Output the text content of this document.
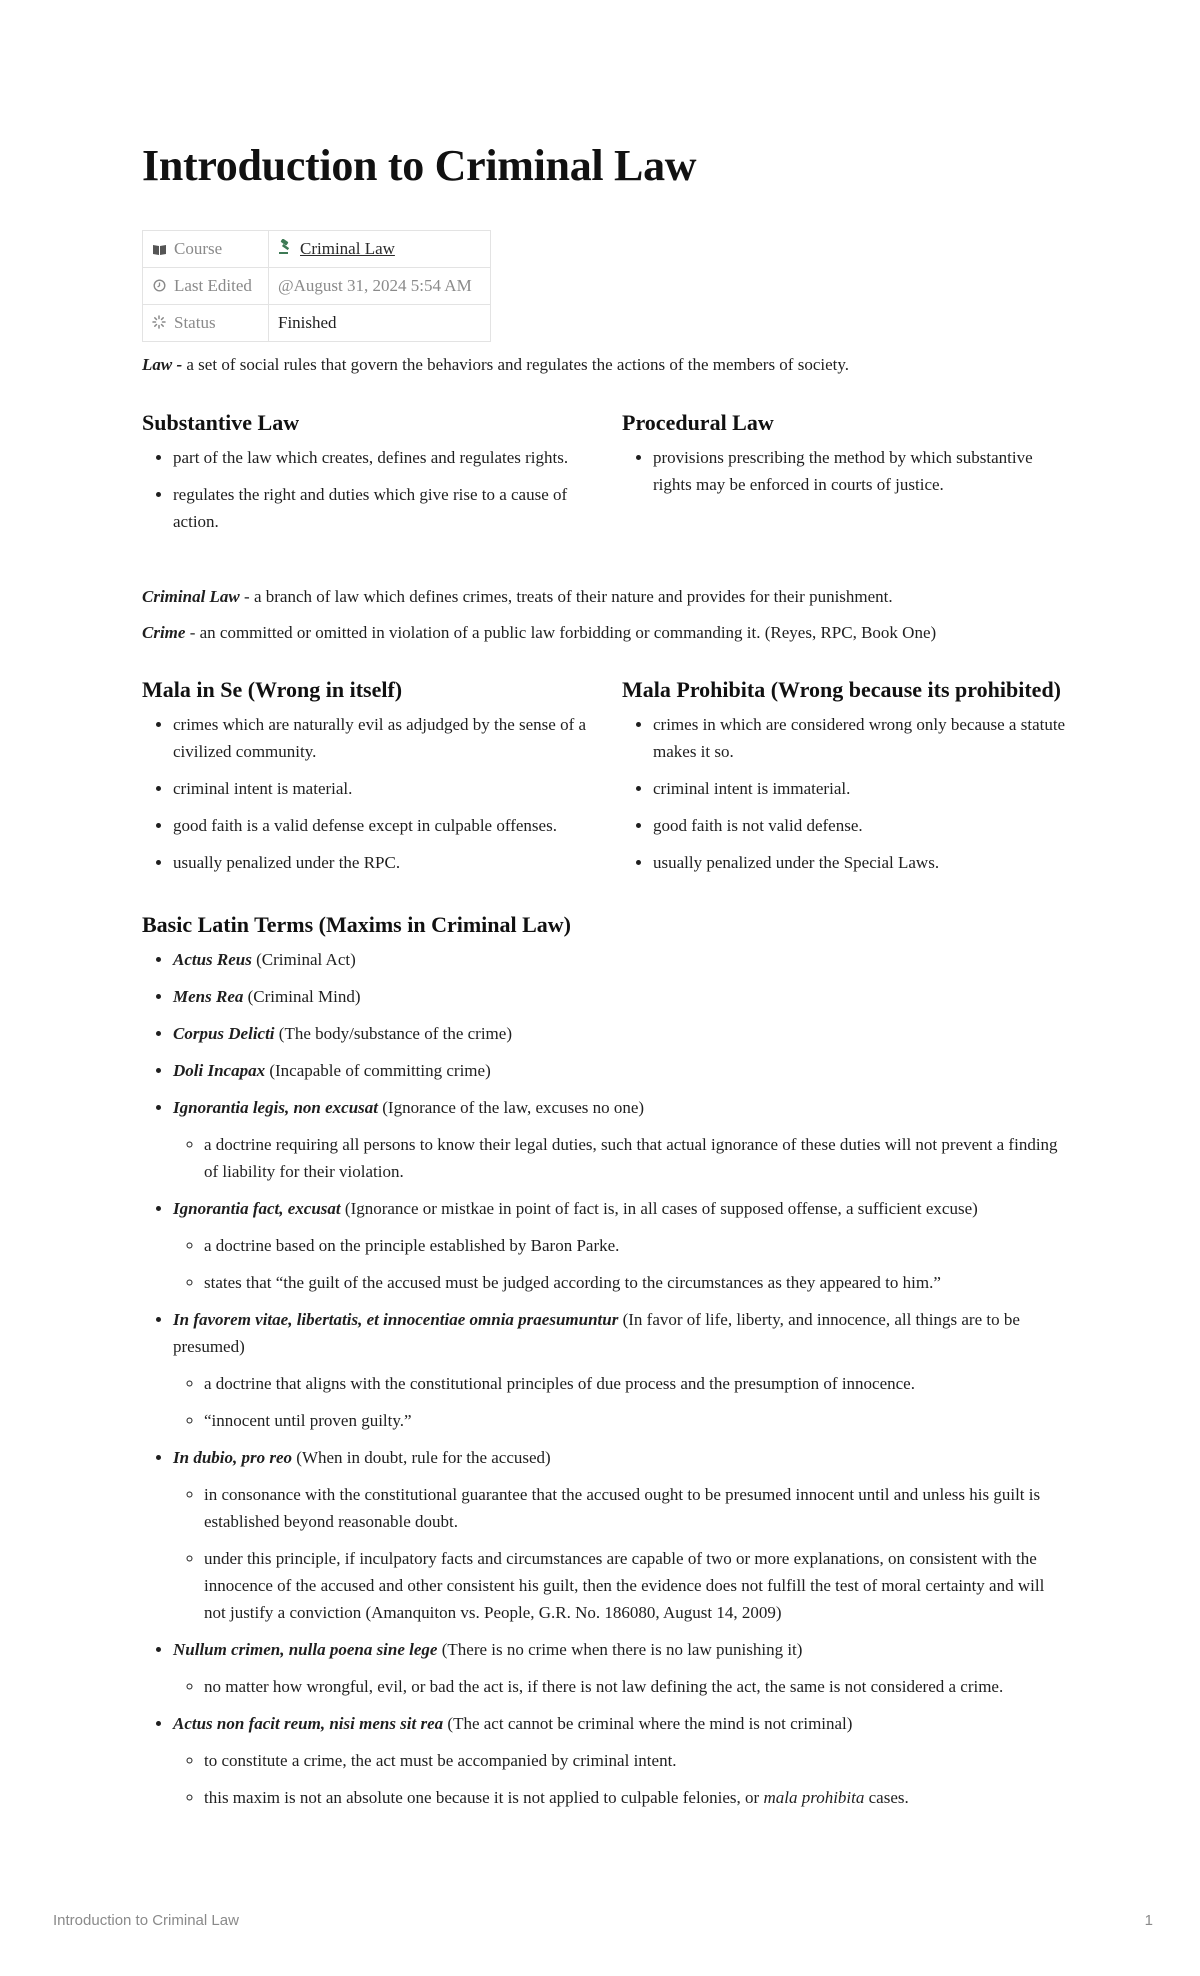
Introduction to Criminal Law
Course	Criminal Law
Last Edited	@August 31, 2024 5:54 AM
Status	Finished
Law - a set of social rules that govern the behaviors and regulates the actions of the members of society.
Substantive Law
• part of the law which creates, defines and regulates rights.
• regulates the right and duties which give rise to a cause of action.
Procedural Law
• provisions prescribing the method by which substantive rights may be enforced in courts of justice.
Criminal Law - a branch of law which defines crimes, treats of their nature and provides for their punishment.
Crime - an committed or omitted in violation of a public law forbidding or commanding it. (Reyes, RPC, Book One)
Mala in Se (Wrong in itself)
• crimes which are naturally evil as adjudged by the sense of a civilized community.
• criminal intent is material.
• good faith is a valid defense except in culpable offenses.
• usually penalized under the RPC.
Mala Prohibita (Wrong because its prohibited)
• crimes in which are considered wrong only because a statute makes it so.
• criminal intent is immaterial.
• good faith is not valid defense.
• usually penalized under the Special Laws.
Basic Latin Terms (Maxims in Criminal Law)
• Actus Reus (Criminal Act)
• Mens Rea (Criminal Mind)
• Corpus Delicti (The body/substance of the crime)
• Doli Incapax (Incapable of committing crime)
• Ignorantia legis, non excusat (Ignorance of the law, excuses no one)
◦ a doctrine requiring all persons to know their legal duties, such that actual ignorance of these duties will not prevent a finding of liability for their violation.
• Ignorantia fact, excusat (Ignorance or mistkae in point of fact is, in all cases of supposed offense, a sufficient excuse)
◦ a doctrine based on the principle established by Baron Parke.
◦ states that “the guilt of the accused must be judged according to the circumstances as they appeared to him.”
• In favorem vitae, libertatis, et innocentiae omnia praesumuntur (In favor of life, liberty, and innocence, all things are to be presumed)
◦ a doctrine that aligns with the constitutional principles of due process and the presumption of innocence.
◦ “innocent until proven guilty.”
• In dubio, pro reo (When in doubt, rule for the accused)
◦ in consonance with the constitutional guarantee that the accused ought to be presumed innocent until and unless his guilt is established beyond reasonable doubt.
◦ under this principle, if inculpatory facts and circumstances are capable of two or more explanations, on consistent with the innocence of the accused and other consistent his guilt, then the evidence does not fulfill the test of moral certainty and will not justify a conviction (Amanquiton vs. People, G.R. No. 186080, August 14, 2009)
• Nullum crimen, nulla poena sine lege (There is no crime when there is no law punishing it)
◦ no matter how wrongful, evil, or bad the act is, if there is not law defining the act, the same is not considered a crime.
• Actus non facit reum, nisi mens sit rea (The act cannot be criminal where the mind is not criminal)
◦ to constitute a crime, the act must be accompanied by criminal intent.
◦ this maxim is not an absolute one because it is not applied to culpable felonies, or mala prohibita cases.
Introduction to Criminal Law	1
